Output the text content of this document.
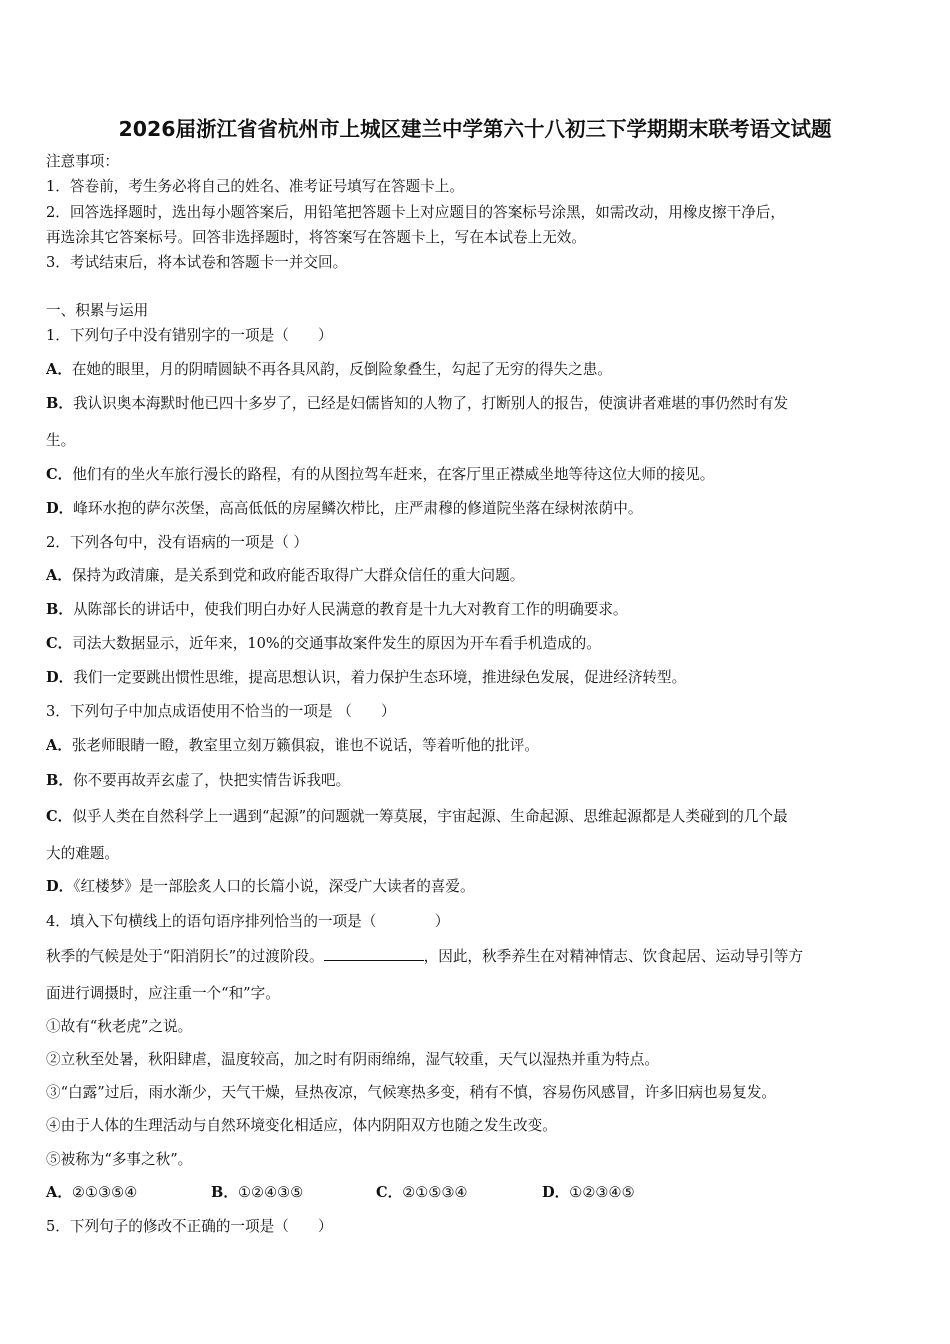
2026届浙江省省杭州市上城区建兰中学第六十八初三下学期期末联考语文试题
注意事项：
1．答卷前，考生务必将自己的姓名、准考证号填写在答题卡上。
2．回答选择题时，选出每小题答案后，用铅笔把答题卡上对应题目的答案标号涂黑，如需改动，用橡皮擦干净后，
再选涂其它答案标号。回答非选择题时，将答案写在答题卡上，写在本试卷上无效。
3．考试结束后，将本试卷和答题卡一并交回。
一、积累与运用
1．下列句子中没有错别字的一项是（　　）
A．在她的眼里，月的阴晴圆缺不再各具风韵，反倒险象叠生，勾起了无穷的得失之患。
B．我认识奥本海默时他已四十多岁了，已经是妇儒皆知的人物了，打断别人的报告，使演讲者难堪的事仍然时有发
生。
C．他们有的坐火车旅行漫长的路程，有的从图拉驾车赶来，在客厅里正襟威坐地等待这位大师的接见。
D．峰环水抱的萨尔茨堡，高高低低的房屋鳞次栉比，庄严肃穆的修道院坐落在绿树浓荫中。
2．下列各句中，没有语病的一项是（ ）
A．保持为政清廉，是关系到党和政府能否取得广大群众信任的重大问题。
B．从陈部长的讲话中，使我们明白办好人民满意的教育是十九大对教育工作的明确要求。
C．司法大数据显示，近年来，10%的交通事故案件发生的原因为开车看手机造成的。
D．我们一定要跳出惯性思维，提高思想认识，着力保护生态环境，推进绿色发展，促进经济转型。
3．下列句子中加点成语使用不恰当的一项是 （　　）
A．张老师眼睛一瞪，教室里立刻万籁俱寂，谁也不说话，等着听他的批评。
B．你不要再故弄玄虚了，快把实情告诉我吧。
C．似乎人类在自然科学上一遇到“起源”的问题就一筹莫展，宇宙起源、生命起源、思维起源都是人类碰到的几个最
大的难题。
D．《红楼梦》是一部脍炙人口的长篇小说，深受广大读者的喜爱。
4．填入下句横线上的语句语序排列恰当的一项是（　　　　）
秋季的气候是处于“阳消阴长”的过渡阶段。	，因此，秋季养生在对精神情志、饮食起居、运动导引等方
面进行调摄时，应注重一个“和”字。
①故有“秋老虎”之说。
②立秋至处暑，秋阳肆虐，温度较高，加之时有阴雨绵绵，湿气较重，天气以湿热并重为特点。
③“白露”过后，雨水渐少，天气干燥，昼热夜凉，气候寒热多变，稍有不慎，容易伤风感冒，许多旧病也易复发。
④由于人体的生理活动与自然环境变化相适应，体内阴阳双方也随之发生改变。
⑤被称为“多事之秋”。
A．②①③⑤④	B．①②④③⑤	C．②①⑤③④	D．①②③④⑤
5．下列句子的修改不正确的一项是（　　）
